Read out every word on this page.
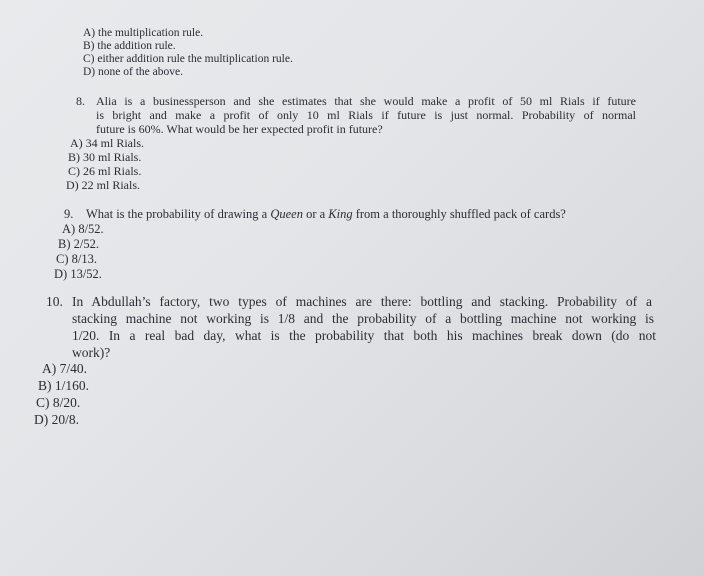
A) the multiplication rule.
B) the addition rule.
C) either addition rule the multiplication rule.
D) none of the above.
8. Alia is a businessperson and she estimates that she would make a profit of 50 ml Rials if future
is bright and make a profit of only 10 ml Rials if future is just normal. Probability of normal
future is 60%. What would be her expected profit in future?
A) 34 ml Rials.
B) 30 ml Rials.
C) 26 ml Rials.
D) 22 ml Rials.
9. What is the probability of drawing a Queen or a King from a thoroughly shuffled pack of cards?
A) 8/52.
B) 2/52.
C) 8/13.
D) 13/52.
10. In Abdullah’s factory, two types of machines are there: bottling and stacking. Probability of a
stacking machine not working is 1/8 and the probability of a bottling machine not working is
1/20. In a real bad day, what is the probability that both his machines break down (do not
work)?
A) 7/40.
B) 1/160.
C) 8/20.
D) 20/8.
